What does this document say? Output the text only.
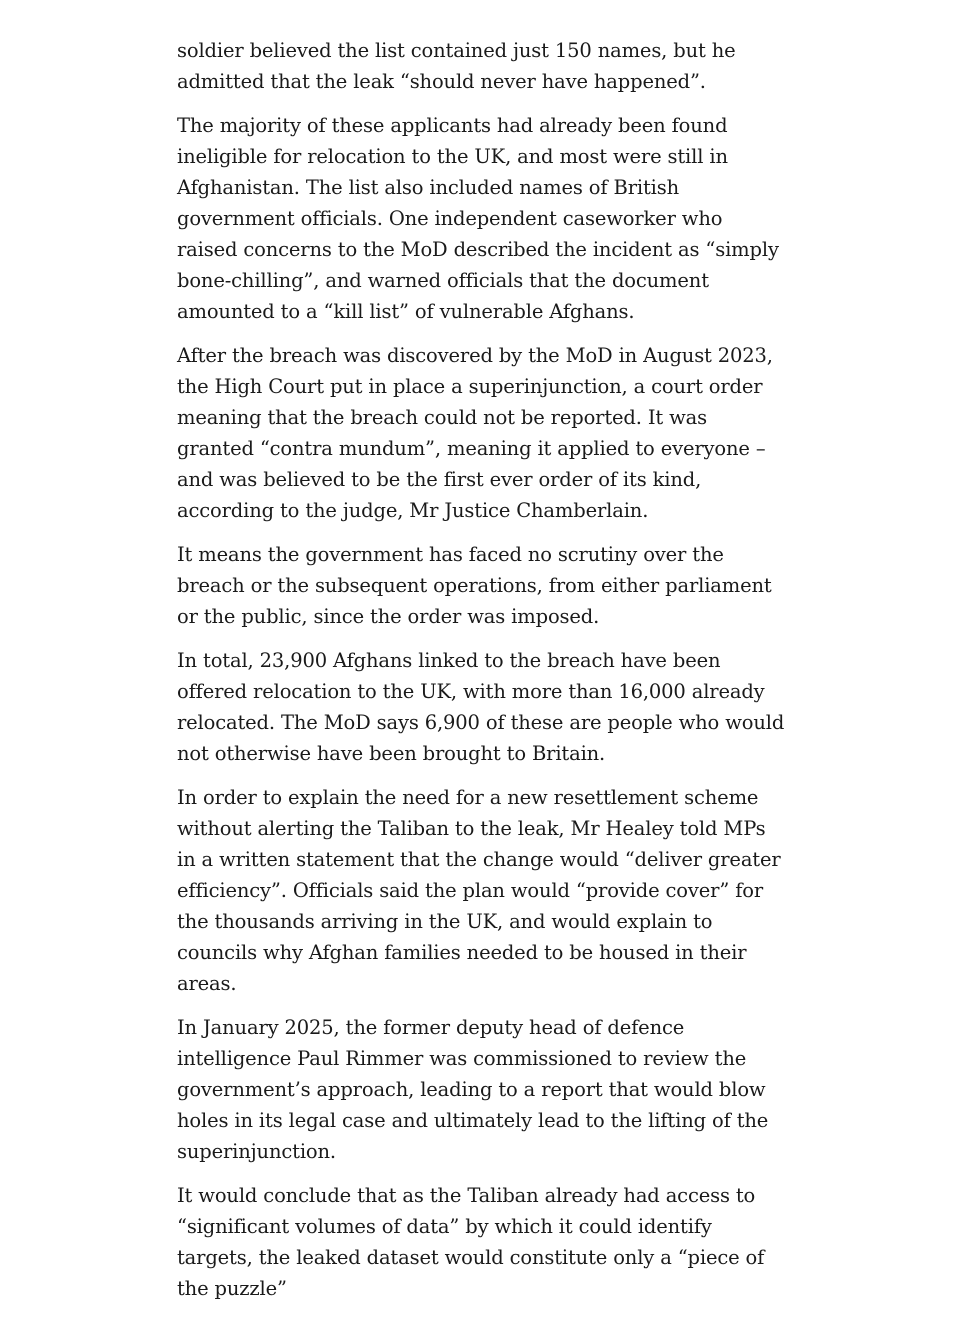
soldier believed the list contained just 150 names, but he admitted that the leak “should never have happened”.

The majority of these applicants had already been found ineligible for relocation to the UK, and most were still in Afghanistan. The list also included names of British government officials. One independent caseworker who raised concerns to the MoD described the incident as “simply bone-chilling”, and warned officials that the document amounted to a “kill list” of vulnerable Afghans.

After the breach was discovered by the MoD in August 2023, the High Court put in place a superinjunction, a court order meaning that the breach could not be reported. It was granted “contra mundum”, meaning it applied to everyone – and was believed to be the first ever order of its kind, according to the judge, Mr Justice Chamberlain.

It means the government has faced no scrutiny over the breach or the subsequent operations, from either parliament or the public, since the order was imposed.

In total, 23,900 Afghans linked to the breach have been offered relocation to the UK, with more than 16,000 already relocated. The MoD says 6,900 of these are people who would not otherwise have been brought to Britain.

In order to explain the need for a new resettlement scheme without alerting the Taliban to the leak, Mr Healey told MPs in a written statement that the change would “deliver greater efficiency”. Officials said the plan would “provide cover” for the thousands arriving in the UK, and would explain to councils why Afghan families needed to be housed in their areas.

In January 2025, the former deputy head of defence intelligence Paul Rimmer was commissioned to review the government’s approach, leading to a report that would blow holes in its legal case and ultimately lead to the lifting of the superinjunction.

It would conclude that as the Taliban already had access to “significant volumes of data” by which it could identify targets, the leaked dataset would constitute only a “piece of the puzzle”
